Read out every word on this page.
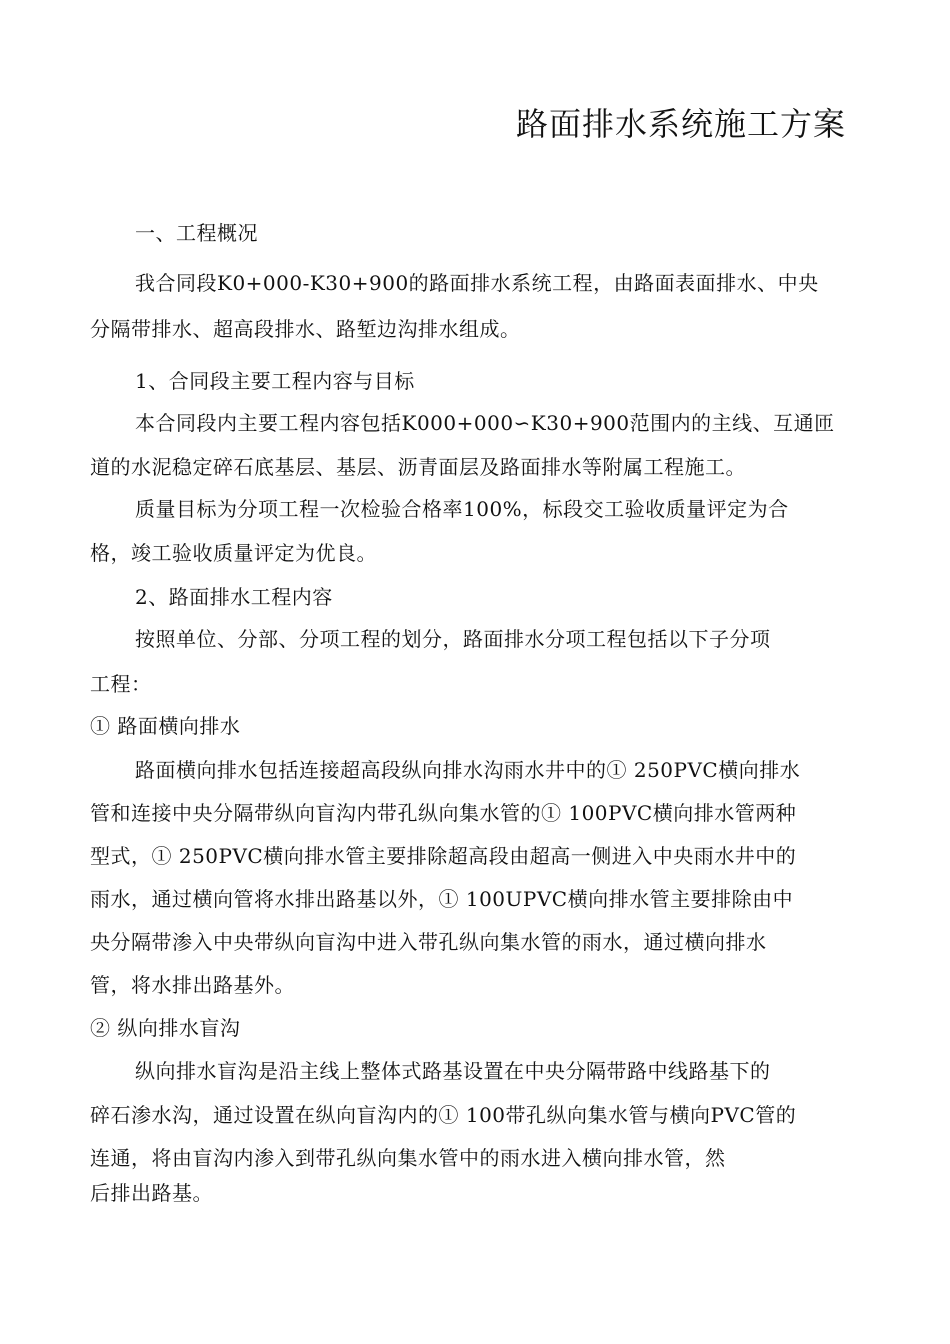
路面排水系统施工方案
一、工程概况
我合同段K0+000-K30+900的路面排水系统工程，由路面表面排水、中央
分隔带排水、超高段排水、路堑边沟排水组成。
1、合同段主要工程内容与目标
本合同段内主要工程内容包括K000+000∽K30+900范围内的主线、互通匝
道的水泥稳定碎石底基层、基层、沥青面层及路面排水等附属工程施工。
质量目标为分项工程一次检验合格率100%，标段交工验收质量评定为合
格，竣工验收质量评定为优良。
2、路面排水工程内容
按照单位、分部、分项工程的划分，路面排水分项工程包括以下子分项
工程：
① 路面横向排水
路面横向排水包括连接超高段纵向排水沟雨水井中的① 250PVC横向排水
管和连接中央分隔带纵向盲沟内带孔纵向集水管的① 100PVC横向排水管两种
型式，① 250PVC横向排水管主要排除超高段由超高一侧进入中央雨水井中的
雨水，通过横向管将水排出路基以外，① 100UPVC横向排水管主要排除由中
央分隔带渗入中央带纵向盲沟中进入带孔纵向集水管的雨水，通过横向排水
管，将水排出路基外。
② 纵向排水盲沟
纵向排水盲沟是沿主线上整体式路基设置在中央分隔带路中线路基下的
碎石渗水沟，通过设置在纵向盲沟内的① 100带孔纵向集水管与横向PVC管的
连通，将由盲沟内渗入到带孔纵向集水管中的雨水进入横向排水管，然
后排出路基。
